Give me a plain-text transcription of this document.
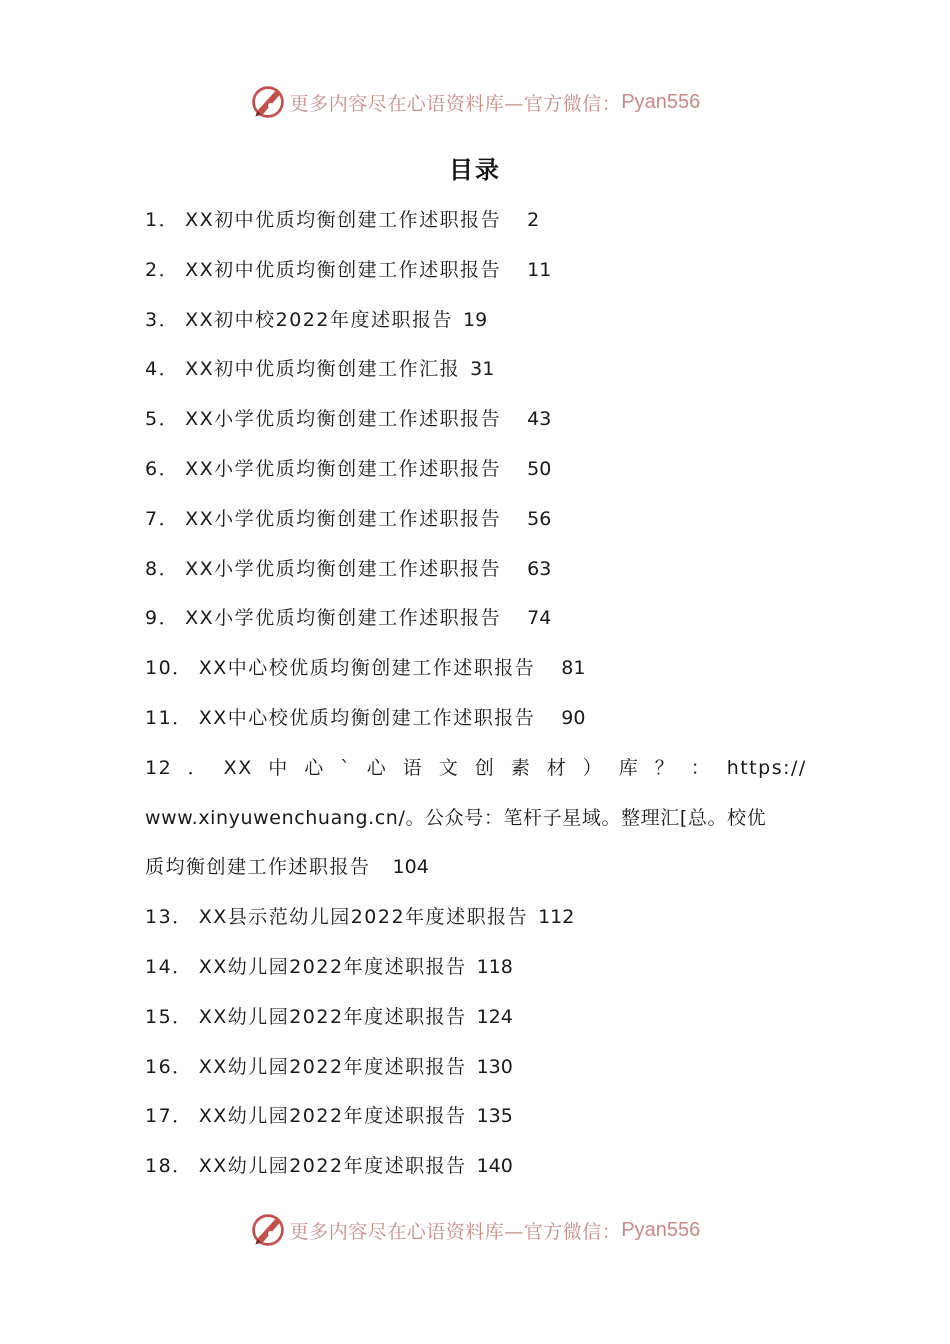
更多内容尽在心语资料库—官方微信： Pyan556
目录
1． XX初中优质均衡创建工作述职报告 2
2． XX初中优质均衡创建工作述职报告 11
3． XX初中校2022年度述职报告 19
4． XX初中优质均衡创建工作汇报 31
5． XX小学优质均衡创建工作述职报告 43
6． XX小学优质均衡创建工作述职报告 50
7． XX小学优质均衡创建工作述职报告 56
8． XX小学优质均衡创建工作述职报告 63
9． XX小学优质均衡创建工作述职报告 74
10． XX中心校优质均衡创建工作述职报告 81
11． XX中心校优质均衡创建工作述职报告 90
12 ． XX 中 心 ` 心 语 文 创 素 材 ） 库 ？ ： https://
www.xinyuwenchuang.cn/。公众号：笔杆子星域。整理汇[总。校优
质均衡创建工作述职报告 104
13． XX县示范幼儿园2022年度述职报告 112
14． XX幼儿园2022年度述职报告 118
15． XX幼儿园2022年度述职报告 124
16． XX幼儿园2022年度述职报告 130
17． XX幼儿园2022年度述职报告 135
18． XX幼儿园2022年度述职报告 140
更多内容尽在心语资料库—官方微信： Pyan556
